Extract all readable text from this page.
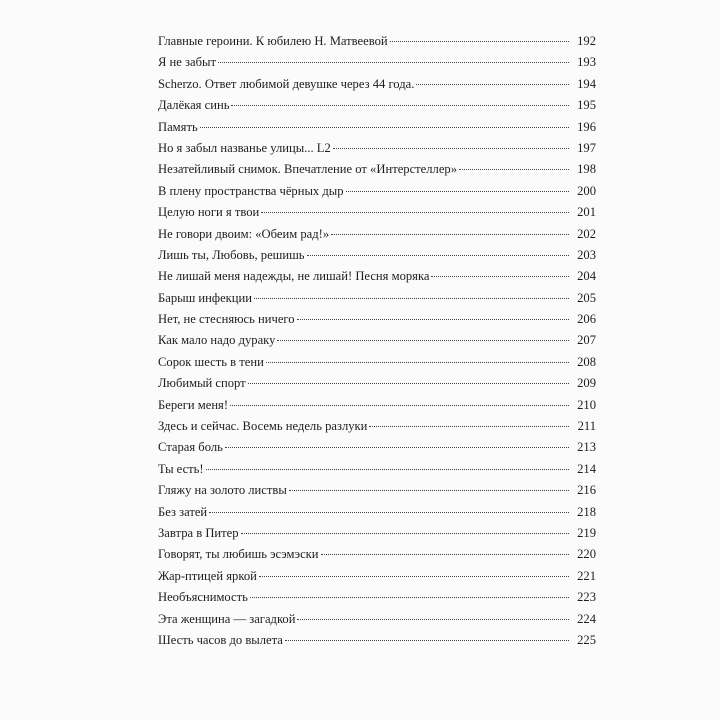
Главные героини. К юбилею Н. Матвеевой	192
Я не забыт	193
Scherzo. Ответ любимой девушке через 44 года.	194
Далёкая синь	195
Память	196
Но я забыл названье улицы... L2	197
Незатейливый снимок. Впечатление от «Интерстеллер»	198
В плену пространства чёрных дыр	200
Целую ноги я твои	201
Не говори двоим: «Обеим рад!»	202
Лишь ты, Любовь, решишь	203
Не лишай меня надежды, не лишай! Песня моряка	204
Барыш инфекции	205
Нет, не стесняюсь ничего	206
Как мало надо дураку	207
Сорок шесть в тени	208
Любимый спорт	209
Береги меня!	210
Здесь и сейчас. Восемь недель разлуки	211
Старая боль	213
Ты есть!	214
Гляжу на золото листвы	216
Без затей	218
Завтра в Питер	219
Говорят, ты любишь эсэмэски	220
Жар-птицей яркой	221
Необъяснимость	223
Эта женщина — загадкой	224
Шесть часов до вылета	225
